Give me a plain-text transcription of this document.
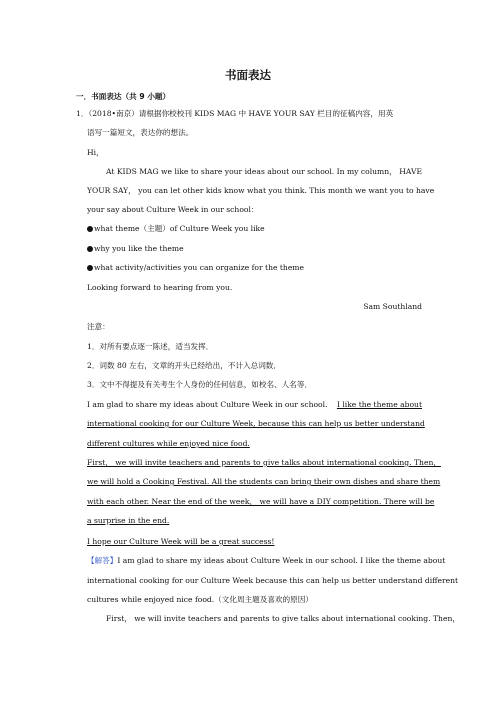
书面表达
一．书面表达（共 9 小题）
1．（2018•南京）请根据你校校刊 KIDS MAG 中 HAVE YOUR SAY 栏目的征稿内容，用英
语写一篇短文，表达你的想法。
Hi，
At KIDS MAG we like to share your ideas about our school. In my column， HAVE
YOUR SAY， you can let other kids know what you think. This month we want you to have
your say about Culture Week in our school：
what theme（主题）of Culture Week you like
why you like the theme
what activity/activities you can organize for the theme
Looking forward to hearing from you.
Sam Southland
注意：
1．对所有要点逐一陈述，适当发挥．
2．词数 80 左右，文章的开头已经给出，不计入总词数．
3．文中不得提及有关考生个人身份的任何信息，如校名、人名等．
I am glad to share my ideas about Culture Week in our school. I like the theme about
international cooking for our Culture Week, because this can help us better understand
different cultures while enjoyed nice food.
First， we will invite teachers and parents to give talks about international cooking. Then，
we will hold a Cooking Festival. All the students can bring their own dishes and share them
with each other. Near the end of the week， we will have a DIY competition. There will be
a surprise in the end.
I hope our Culture Week will be a great success!
【解答】 I am glad to share my ideas about Culture Week in our school. I like the theme about
international cooking for our Culture Week because this can help us better understand different
cultures while enjoyed nice food.（文化周主题及喜欢的原因）
First， we will invite teachers and parents to give talks about international cooking. Then，
